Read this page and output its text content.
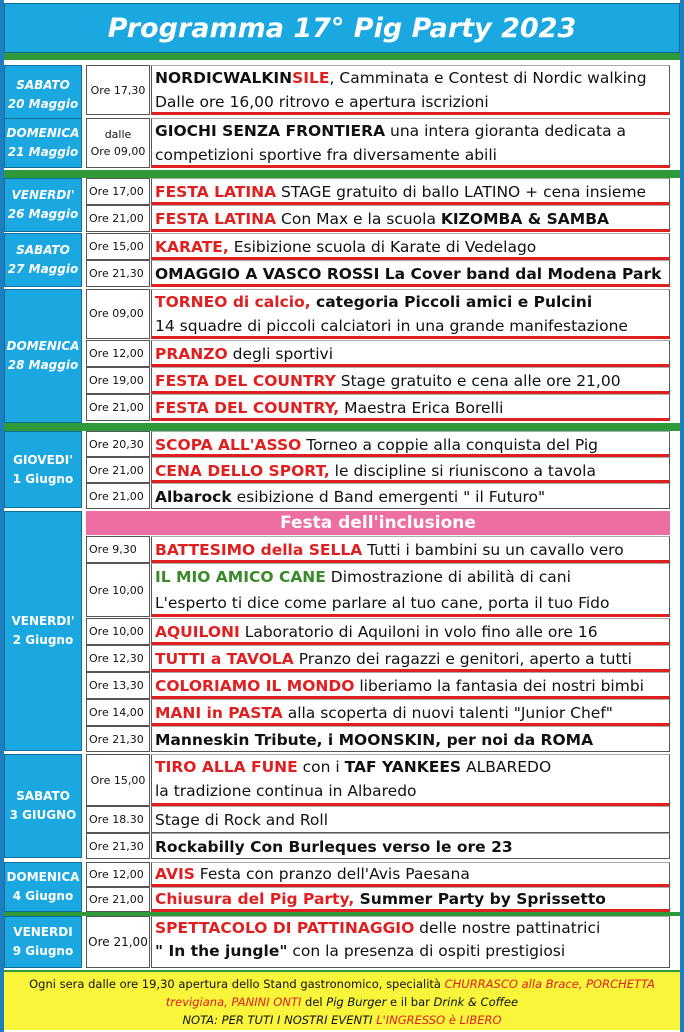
Programma 17° Pig Party 2023
SABATO
20 Maggio
Ore 17,30
NORDICWALKINSILE, Camminata e Contest di Nordic walking
Dalle ore 16,00 ritrovo e apertura iscrizioni
DOMENICA
21 Maggio
dalle
Ore 09,00
GIOCHI SENZA FRONTIERA una intera gioranta dedicata a
competizioni sportive fra diversamente abili
VENERDI'
26 Maggio
Ore 17,00 FESTA LATINA STAGE gratuito di ballo LATINO + cena insieme
Ore 21,00 FESTA LATINA Con Max e la scuola KIZOMBA & SAMBA
SABATO
27 Maggio
Ore 15,00 KARATE, Esibizione scuola di Karate di Vedelago
Ore 21,30 OMAGGIO A VASCO ROSSI La Cover band dal Modena Park
DOMENICA
28 Maggio
Ore 09,00
TORNEO di calcio, categoria Piccoli amici e Pulcini
14 squadre di piccoli calciatori in una grande manifestazione
Ore 12,00 PRANZO degli sportivi
Ore 19,00 FESTA DEL COUNTRY Stage gratuito e cena alle ore 21,00
Ore 21,00 FESTA DEL COUNTRY, Maestra Erica Borelli
GIOVEDI'
1 Giugno
Ore 20,30 SCOPA ALL'ASSO Torneo a coppie alla conquista del Pig
Ore 21,00 CENA DELLO SPORT, le discipline si riuniscono a tavola
Ore 21,00 Albarock esibizione d Band emergenti " il Futuro"
VENERDI'
2 Giugno
Festa dell'inclusione
Ore 9,30 BATTESIMO della SELLA Tutti i bambini su un cavallo vero
Ore 10,00
IL MIO AMICO CANE Dimostrazione di abilità di cani
L'esperto ti dice come parlare al tuo cane, porta il tuo Fido
Ore 10,00 AQUILONI Laboratorio di Aquiloni in volo fino alle ore 16
Ore 12,30 TUTTI a TAVOLA Pranzo dei ragazzi e genitori, aperto a tutti
Ore 13,30 COLORIAMO IL MONDO liberiamo la fantasia dei nostri bimbi
Ore 14,00 MANI in PASTA alla scoperta di nuovi talenti "Junior Chef"
Ore 21,30 Manneskin Tribute, i MOONSKIN, per noi da ROMA
SABATO
3 GIUGNO
Ore 15,00
TIRO ALLA FUNE con i TAF YANKEES ALBAREDO
la tradizione continua in Albaredo
Ore 18.30 Stage di Rock and Roll
Ore 21,30 Rockabilly Con Burleques verso le ore 23
DOMENICA
4 Giugno
Ore 12,00 AVIS Festa con pranzo dell'Avis Paesana
Ore 21,00 Chiusura del Pig Party, Summer Party by Sprissetto
VENERDI
9 Giugno
Ore 21,00
SPETTACOLO DI PATTINAGGIO delle nostre pattinatrici
" In the jungle" con la presenza di ospiti prestigiosi
Ogni sera dalle ore 19,30 apertura dello Stand gastronomico, specialità CHURRASCO alla Brace, PORCHETTA
trevigiana, PANINI ONTI del Pig Burger e il bar Drink & Coffee
NOTA: PER TUTI I NOSTRI EVENTI L'INGRESSO è LIBERO
